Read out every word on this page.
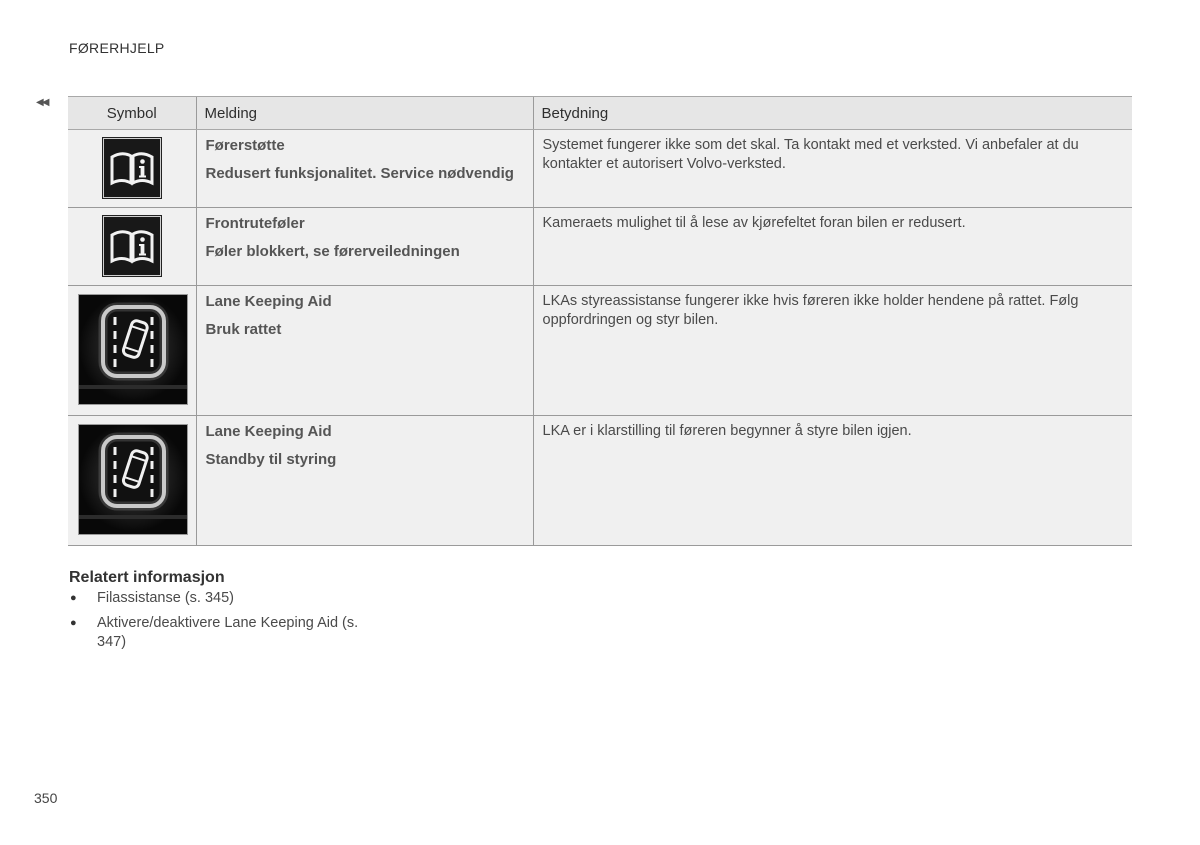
FØRERHJELP
◀◀
Symbol	Melding	Betydning

Førerstøtte
Redusert funksjonalitet. Service nødvendig	Systemet fungerer ikke som det skal. Ta kontakt med et verksted. Vi anbefaler at du kontakter et autorisert Volvo-verksted.

Frontruteføler
Føler blokkert, se førerveiledningen	Kameraets mulighet til å lese av kjørefeltet foran bilen er redusert.

Lane Keeping Aid
Bruk rattet	LKAs styreassistanse fungerer ikke hvis føreren ikke holder hendene på rattet. Følg oppfordringen og styr bilen.

Lane Keeping Aid
Standby til styring	LKA er i klarstilling til føreren begynner å styre bilen igjen.
Relatert informasjon
● Filassistanse (s. 345)
● Aktivere/deaktivere Lane Keeping Aid (s. 347)
350
